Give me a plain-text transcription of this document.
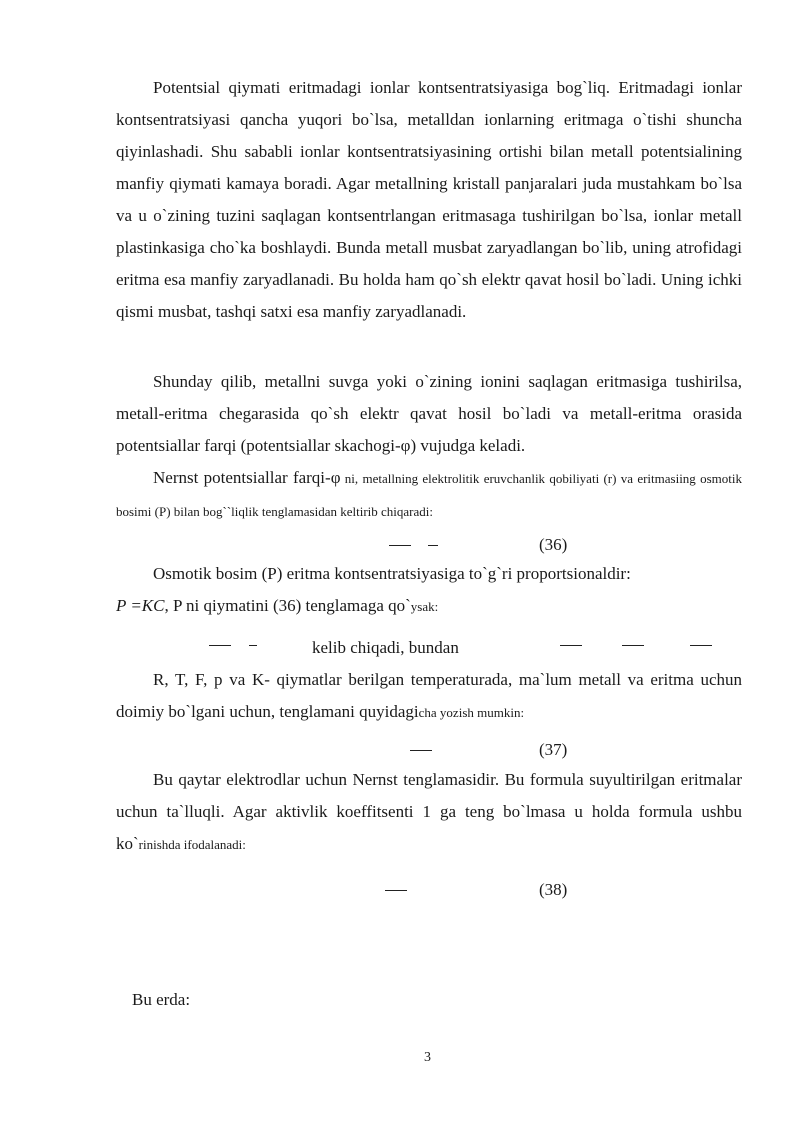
Potentsial qiymati eritmadagi ionlar kontsentratsiyasiga bog`liq. Eritmadagi ionlar kontsentratsiyasi qancha yuqori bo`lsa, metalldan ionlarning eritmaga o`tishi shuncha qiyinlashadi. Shu sababli ionlar kontsentratsiyasining ortishi bilan metall potentsialining manfiy qiymati kamaya boradi. Agar metallning kristall panjaralari juda mustahkam bo`lsa va u o`zining tuzini saqlagan kontsentrlangan eritmasaga tushirilgan bo`lsa, ionlar metall plastinkasiga cho`ka boshlaydi. Bunda metall musbat zaryadlangan bo`lib, uning atrofidagi eritma esa manfiy zaryadlanadi. Bu holda ham qo`sh elektr qavat hosil bo`ladi. Uning ichki qismi musbat, tashqi satxi esa manfiy zaryadlanadi.

Shunday qilib, metallni suvga yoki o`zining ionini saqlagan eritmasiga tushirilsa, metall-eritma chegarasida qo`sh elektr qavat hosil bo`ladi va metall-eritma orasida potentsiallar farqi (potentsiallar skachogi-φ) vujudga keladi.

Nernst potentsiallar farqi-φ ni, metallning elektrolitik eruvchanlik qobiliyati (r) va eritmasiing osmotik bosimi (P) bilan bog``liqlik tenglamasidan keltirib chiqaradi:

(36)

Osmotik bosim (P) eritma kontsentratsiyasiga to`g`ri proportsionaldir:

P =KC, P ni qiymatini (36) tenglamaga qo`ysak:
kelib chiqadi, bundan

R, T, F, p va K- qiymatlar berilgan temperaturada, ma`lum metall va eritma uchun doimiy bo`lgani uchun, tenglamani quyidagicha yozish mumkin:

(37)

Bu qaytar elektrodlar uchun Nernst tenglamasidir. Bu formula suyultirilgan eritmalar uchun ta`lluqli. Agar aktivlik koeffitsenti 1 ga teng bo`lmasa u holda formula ushbu ko`rinishda ifodalanadi:

(38)
Bu erda:
3
